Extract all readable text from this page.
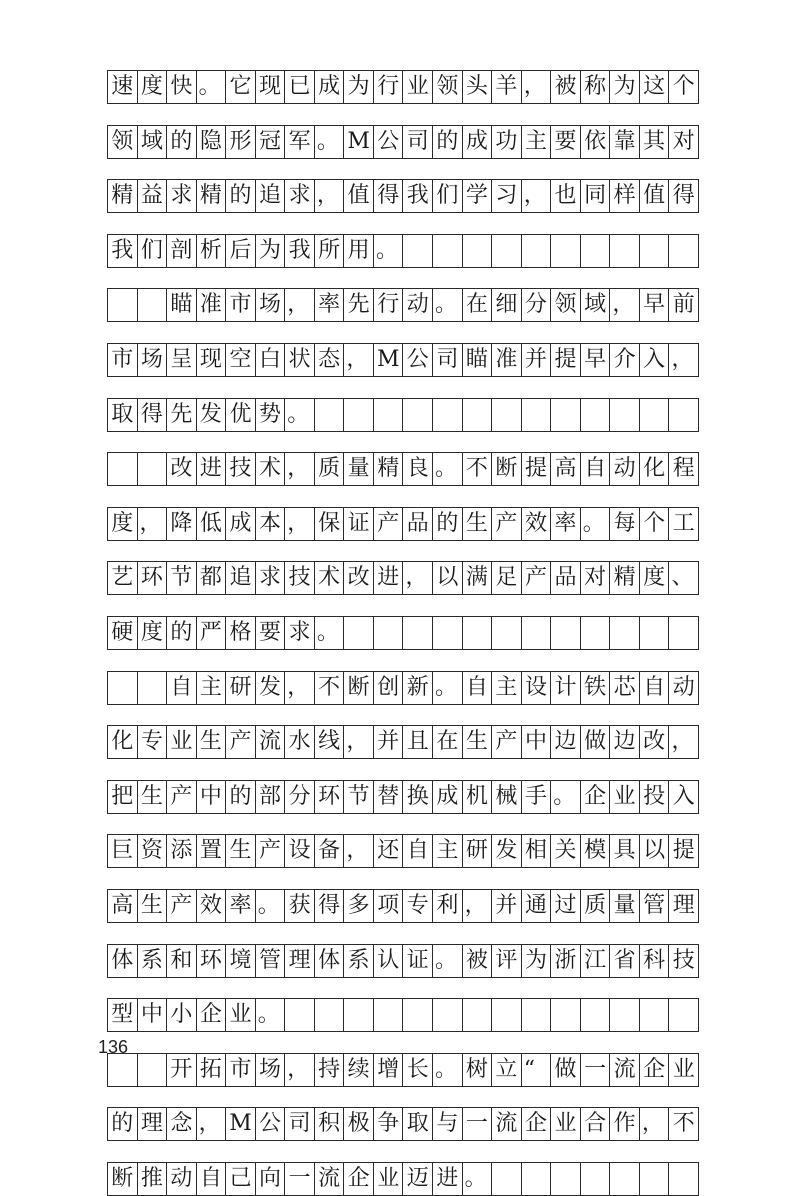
速 度 快 。 它 现 已 成 为 行 业 领 头 羊 ， 被 称 为 这 个
领 域 的 隐 形 冠 军 。 M 公 司 的 成 功 主 要 依 靠 其 对
精 益 求 精 的 追 求 ， 值 得 我 们 学 习 ， 也 同 样 值 得
我 们 剖 析 后 为 我 所 用 。
瞄 准 市 场 ， 率 先 行 动 。 在 细 分 领 域 ， 早 前
市 场 呈 现 空 白 状 态 ， M 公 司 瞄 准 并 提 早 介 入 ，
取 得 先 发 优 势 。
改 进 技 术 ， 质 量 精 良 。 不 断 提 高 自 动 化 程
度 ， 降 低 成 本 ， 保 证 产 品 的 生 产 效 率 。 每 个 工
艺 环 节 都 追 求 技 术 改 进 ， 以 满 足 产 品 对 精 度 、
硬 度 的 严 格 要 求 。
自 主 研 发 ， 不 断 创 新 。 自 主 设 计 铁 芯 自 动
化 专 业 生 产 流 水 线 ， 并 且 在 生 产 中 边 做 边 改 ，
把 生 产 中 的 部 分 环 节 替 换 成 机 械 手 。 企 业 投 入
巨 资 添 置 生 产 设 备 ， 还 自 主 研 发 相 关 模 具 以 提
高 生 产 效 率 。 获 得 多 项 专 利 ， 并 通 过 质 量 管 理
体 系 和 环 境 管 理 体 系 认 证 。 被 评 为 浙 江 省 科 技
型 中 小 企 业 。
开 拓 市 场 ， 持 续 增 长 。 树 立 “ 做 一 流 企 业
的 理 念 ， M 公 司 积 极 争 取 与 一 流 企 业 合 作 ， 不
断 推 动 自 己 向 一 流 企 业 迈 进 。
136
